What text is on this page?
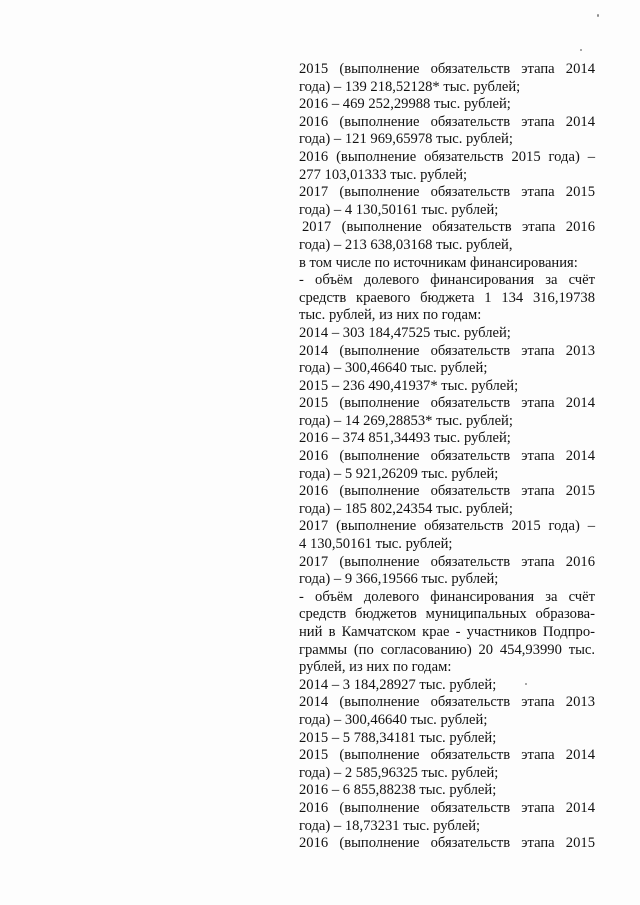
2015 (выполнение обязательств этапа 2014
года) – 139 218,52128* тыс. рублей;
2016 – 469 252,29988 тыс. рублей;
2016 (выполнение обязательств этапа 2014
года) – 121 969,65978 тыс. рублей;
2016 (выполнение обязательств 2015 года) –
277 103,01333 тыс. рублей;
2017 (выполнение обязательств этапа 2015
года) – 4 130,50161 тыс. рублей;
2017 (выполнение обязательств этапа 2016
года) – 213 638,03168 тыс. рублей,
в том числе по источникам финансирования:
- объём долевого финансирования за счёт
средств краевого бюджета 1 134 316,19738
тыс. рублей, из них по годам:
2014 – 303 184,47525 тыс. рублей;
2014 (выполнение обязательств этапа 2013
года) – 300,46640 тыс. рублей;
2015 – 236 490,41937* тыс. рублей;
2015 (выполнение обязательств этапа 2014
года) – 14 269,28853* тыс. рублей;
2016 – 374 851,34493 тыс. рублей;
2016 (выполнение обязательств этапа 2014
года) – 5 921,26209 тыс. рублей;
2016 (выполнение обязательств этапа 2015
года) – 185 802,24354 тыс. рублей;
2017 (выполнение обязательств 2015 года) –
4 130,50161 тыс. рублей;
2017 (выполнение обязательств этапа 2016
года) – 9 366,19566 тыс. рублей;
- объём долевого финансирования за счёт
средств бюджетов муниципальных образова-
ний в Камчатском крае - участников Подпро-
граммы (по согласованию) 20 454,93990 тыс.
рублей, из них по годам:
2014 – 3 184,28927 тыс. рублей;
2014 (выполнение обязательств этапа 2013
года) – 300,46640 тыс. рублей;
2015 – 5 788,34181 тыс. рублей;
2015 (выполнение обязательств этапа 2014
года) – 2 585,96325 тыс. рублей;
2016 – 6 855,88238 тыс. рублей;
2016 (выполнение обязательств этапа 2014
года) – 18,73231 тыс. рублей;
2016 (выполнение обязательств этапа 2015
